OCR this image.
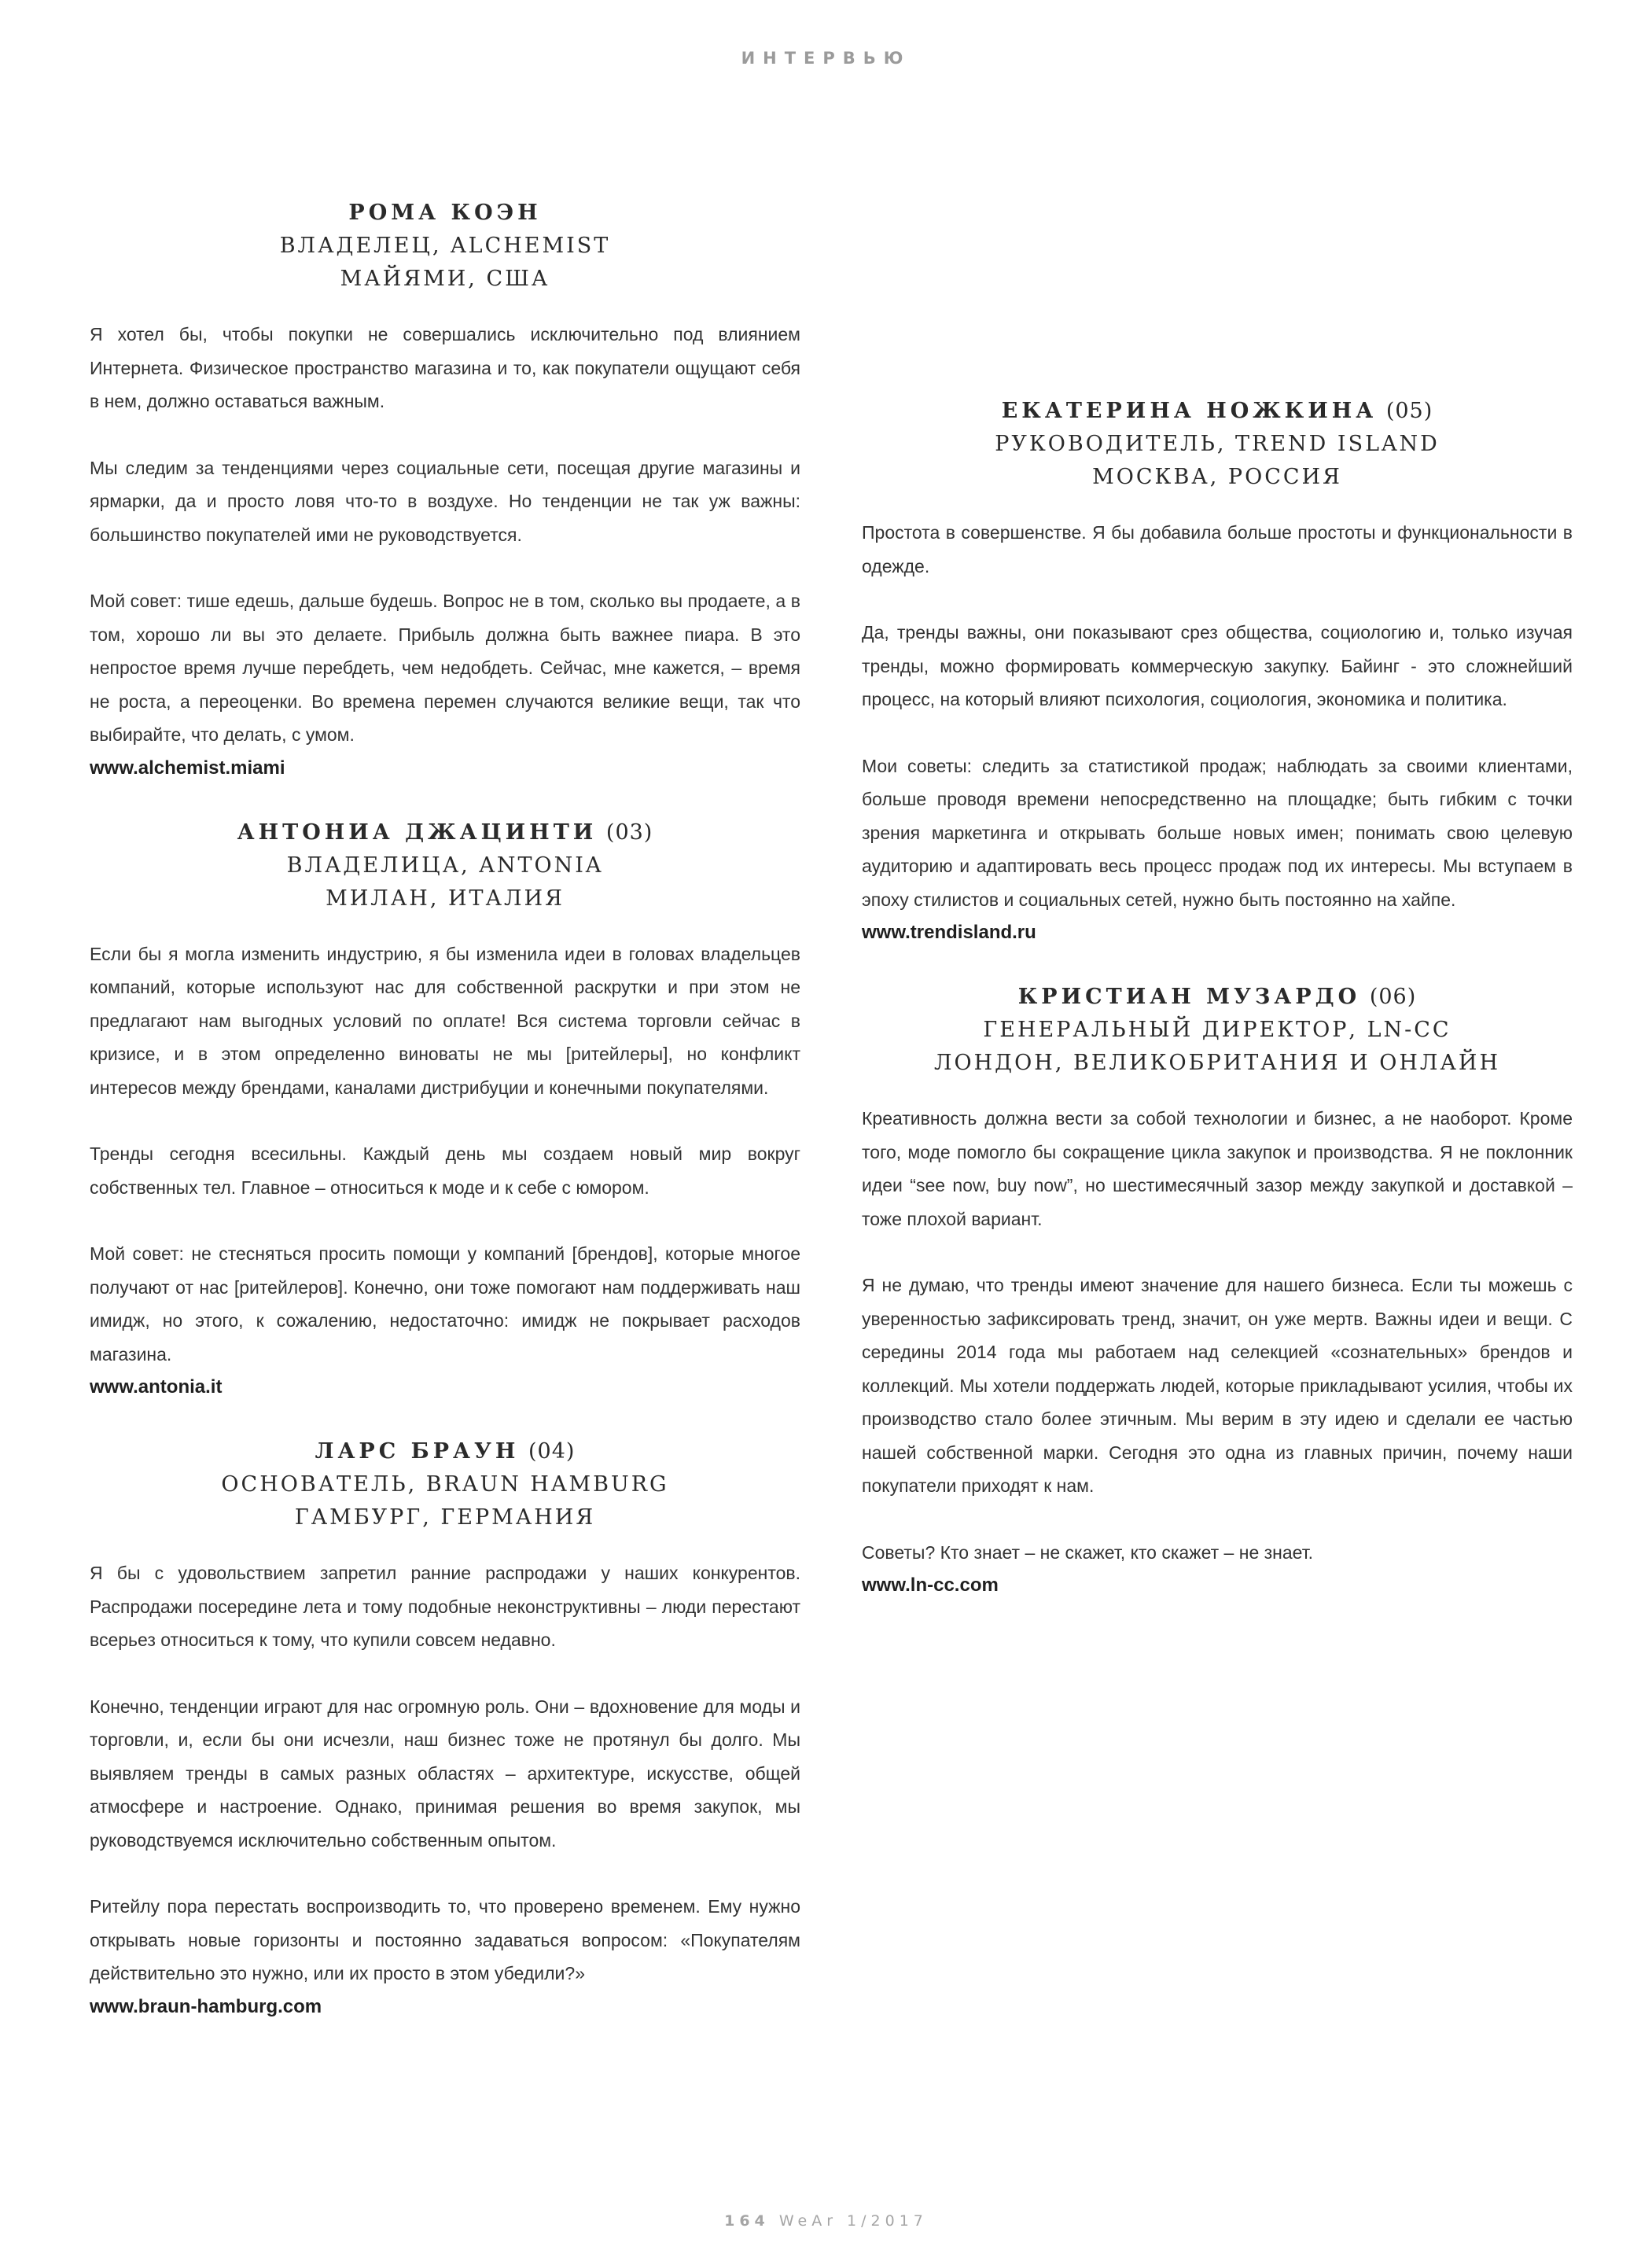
ИНТЕРВЬЮ
РОМА КОЭН
ВЛАДЕЛЕЦ, ALCHEMIST
МАЙЯМИ, США

Я хотел бы, чтобы покупки не совершались исключительно под влиянием Интернета. Физическое пространство магазина и то, как покупатели ощущают себя в нем, должно оставаться важным.

Мы следим за тенденциями через социальные сети, посещая другие магазины и ярмарки, да и просто ловя что-то в воздухе. Но тенденции не так уж важны: большинство покупателей ими не руководствуется.

Мой совет: тише едешь, дальше будешь. Вопрос не в том, сколько вы продаете, а в том, хорошо ли вы это делаете. Прибыль должна быть важнее пиара. В это непростое время лучше перебдеть, чем недобдеть. Сейчас, мне кажется, – время не роста, а переоценки. Во времена перемен случаются великие вещи, так что выбирайте, что делать, с умом.

www.alchemist.miami
АНТОНИА ДЖАЦИНТИ (03)
ВЛАДЕЛИЦА, ANTONIA
МИЛАН, ИТАЛИЯ

Если бы я могла изменить индустрию, я бы изменила идеи в головах владельцев компаний, которые используют нас для собственной раскрутки и при этом не предлагают нам выгодных условий по оплате! Вся система торговли сейчас в кризисе, и в этом определенно виноваты не мы [ритейлеры], но конфликт интересов между брендами, каналами дистрибуции и конечными покупателями.

Тренды сегодня всесильны. Каждый день мы создаем новый мир вокруг собственных тел. Главное – относиться к моде и к себе с юмором.

Мой совет: не стесняться просить помощи у компаний [брендов], которые многое получают от нас [ритейлеров]. Конечно, они тоже помогают нам поддерживать наш имидж, но этого, к сожалению, недостаточно: имидж не покрывает расходов магазина.

www.antonia.it
ЛАРС БРАУН (04)
ОСНОВАТЕЛЬ, BRAUN HAMBURG
ГАМБУРГ, ГЕРМАНИЯ

Я бы с удовольствием запретил ранние распродажи у наших конкурентов. Распродажи посередине лета и тому подобные неконструктивны – люди перестают всерьез относиться к тому, что купили совсем недавно.

Конечно, тенденции играют для нас огромную роль. Они – вдохновение для моды и торговли, и, если бы они исчезли, наш бизнес тоже не протянул бы долго. Мы выявляем тренды в самых разных областях – архитектуре, искусстве, общей атмосфере и настроение. Однако, принимая решения во время закупок, мы руководствуемся исключительно собственным опытом.

Ритейлу пора перестать воспроизводить то, что проверено временем. Ему нужно открывать новые горизонты и постоянно задаваться вопросом: «Покупателям действительно это нужно, или их просто в этом убедили?»

www.braun-hamburg.com
ЕКАТЕРИНА НОЖКИНА (05)
РУКОВОДИТЕЛЬ, TREND ISLAND
МОСКВА, РОССИЯ

Простота в совершенстве. Я бы добавила больше простоты и функциональности в одежде.

Да, тренды важны, они показывают срез общества, социологию и, только изучая тренды, можно формировать коммерческую закупку. Байинг - это сложнейший процесс, на который влияют психология, социология, экономика и политика.

Мои советы: следить за статистикой продаж; наблюдать за своими клиентами, больше проводя времени непосредственно на площадке; быть гибким с точки зрения маркетинга и открывать больше новых имен; понимать свою целевую аудиторию и адаптировать весь процесс продаж под их интересы. Мы вступаем в эпоху стилистов и социальных сетей, нужно быть постоянно на хайпе.

www.trendisland.ru
КРИСТИАН МУЗАРДО (06)
ГЕНЕРАЛЬНЫЙ ДИРЕКТОР, LN-CC
ЛОНДОН, ВЕЛИКОБРИТАНИЯ И ОНЛАЙН

Креативность должна вести за собой технологии и бизнес, а не наоборот. Кроме того, моде помогло бы сокращение цикла закупок и производства. Я не поклонник идеи “see now, buy now”, но шестимесячный зазор между закупкой и доставкой – тоже плохой вариант.

Я не думаю, что тренды имеют значение для нашего бизнеса. Если ты можешь с уверенностью зафиксировать тренд, значит, он уже мертв. Важны идеи и вещи. С середины 2014 года мы работаем над селекцией «сознательных» брендов и коллекций. Мы хотели поддержать людей, которые прикладывают усилия, чтобы их производство стало более этичным. Мы верим в эту идею и сделали ее частью нашей собственной марки. Сегодня это одна из главных причин, почему наши покупатели приходят к нам.

Советы? Кто знает – не скажет, кто скажет – не знает.

www.ln-cc.com
164 WeAr 1/2017
